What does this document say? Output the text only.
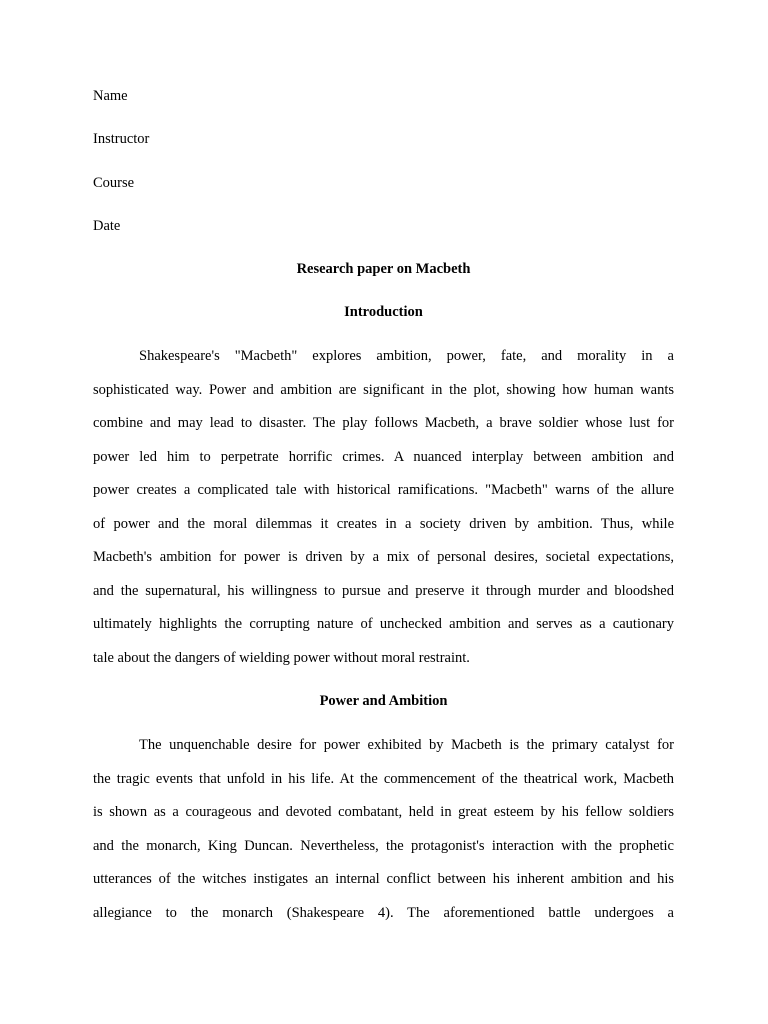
Name
Instructor
Course
Date
Research paper on Macbeth
Introduction
Shakespeare's "Macbeth" explores ambition, power, fate, and morality in a
sophisticated way. Power and ambition are significant in the plot, showing how human wants
combine and may lead to disaster. The play follows Macbeth, a brave soldier whose lust for
power led him to perpetrate horrific crimes. A nuanced interplay between ambition and
power creates a complicated tale with historical ramifications. "Macbeth" warns of the allure
of power and the moral dilemmas it creates in a society driven by ambition. Thus, while
Macbeth's ambition for power is driven by a mix of personal desires, societal expectations,
and the supernatural, his willingness to pursue and preserve it through murder and bloodshed
ultimately highlights the corrupting nature of unchecked ambition and serves as a cautionary
tale about the dangers of wielding power without moral restraint.
Power and Ambition
The unquenchable desire for power exhibited by Macbeth is the primary catalyst for
the tragic events that unfold in his life. At the commencement of the theatrical work, Macbeth
is shown as a courageous and devoted combatant, held in great esteem by his fellow soldiers
and the monarch, King Duncan. Nevertheless, the protagonist's interaction with the prophetic
utterances of the witches instigates an internal conflict between his inherent ambition and his
allegiance to the monarch (Shakespeare 4). The aforementioned battle undergoes a
